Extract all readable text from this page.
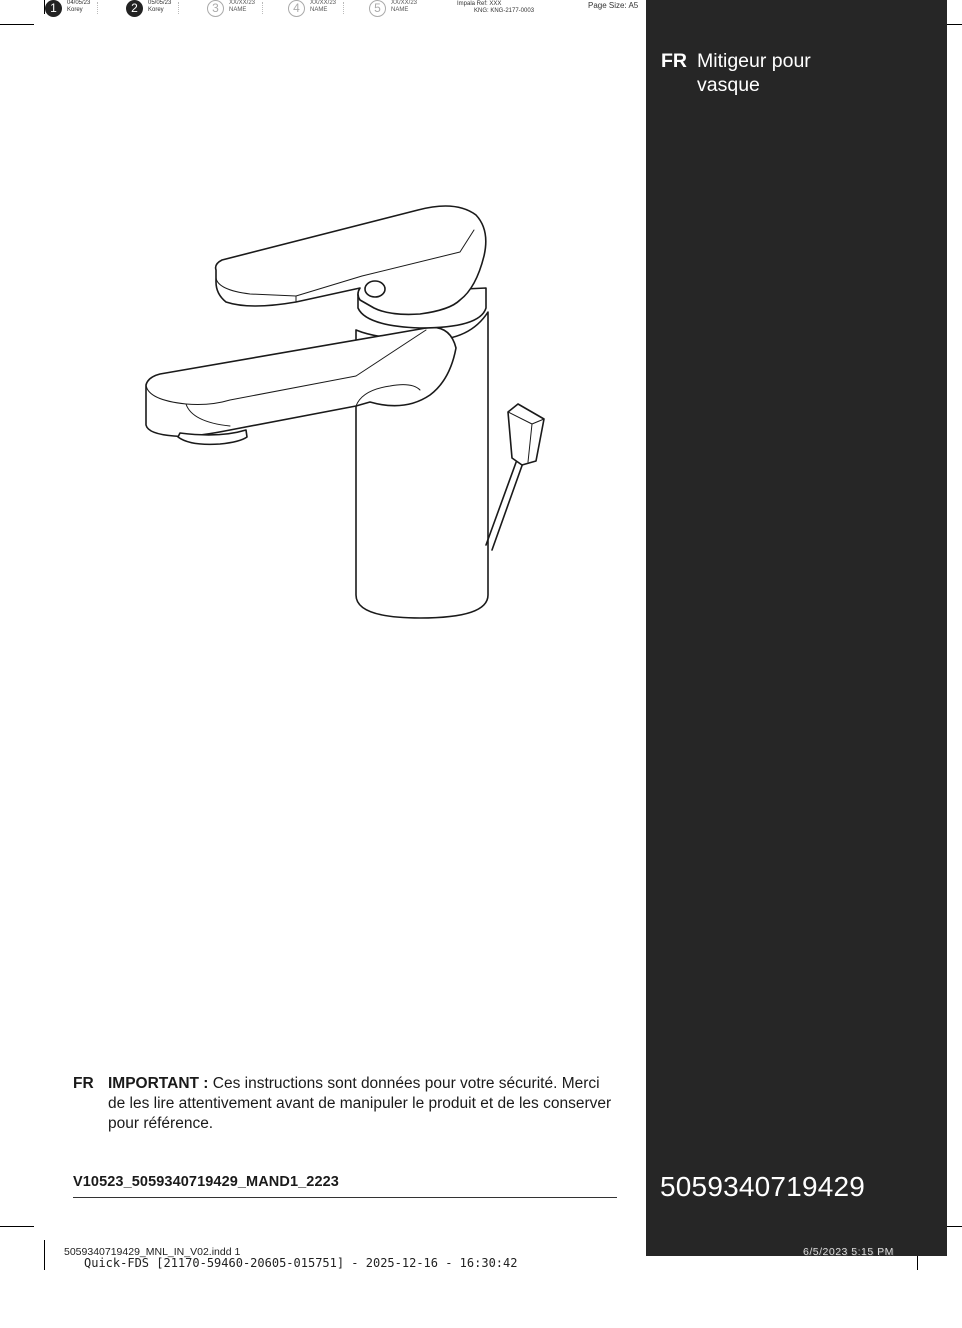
1	04/05/23
Korey	2	05/05/23
Korey	3	XX/XX/23
NAME	4	XX/XX/23
NAME	5	XX/XX/23
NAME
Impala Ref: XXX
KNG: KNG-2177-0003
Page Size: A5
FR Mitigeur pour
vasque
5059340719429
FR IMPORTANT : Ces instructions sont données pour votre sécurité. Merci de les lire attentivement avant de manipuler le produit et de les conserver pour référence.
V10523_5059340719429_MAND1_2223
5059340719429_MNL_IN_V02.indd 1
Quick-FDS [21170-59460-20605-015751] - 2025-12-16 - 16:30:42
6/5/2023 5:15 PM
